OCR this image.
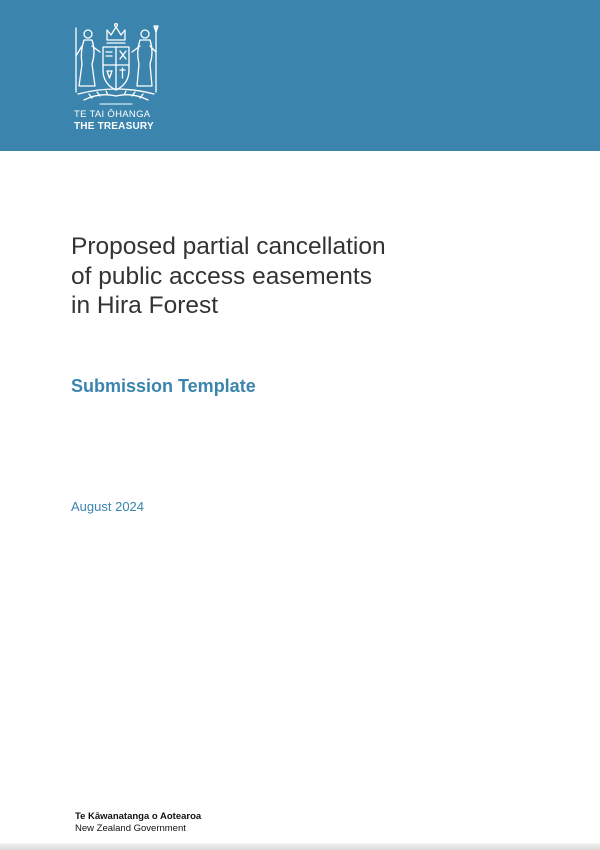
TE TAI ŌHANGA
THE TREASURY
Proposed partial cancellation
of public access easements
in Hira Forest
Submission Template
August 2024
Te Kāwanatanga o Aotearoa
New Zealand Government
